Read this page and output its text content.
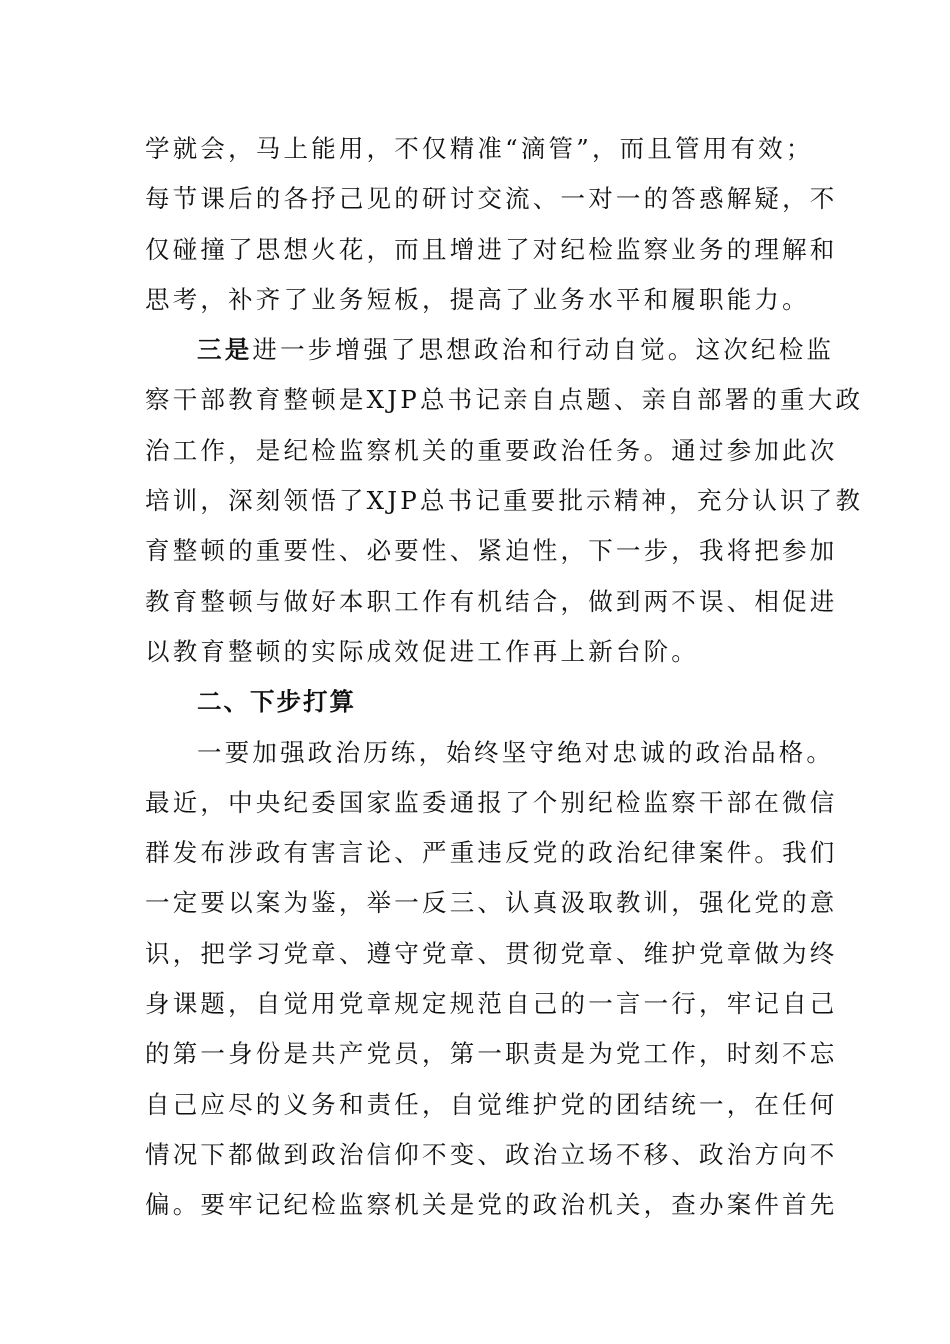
学就会，马上能用，不仅精准“滴管”，而且管用有效；
每节课后的各抒己见的研讨交流、一对一的答惑解疑，不
仅碰撞了思想火花，而且增进了对纪检监察业务的理解和
思考，补齐了业务短板，提高了业务水平和履职能力。
三是进一步增强了思想政治和行动自觉。这次纪检监
察干部教育整顿是XJP总书记亲自点题、亲自部署的重大政
治工作，是纪检监察机关的重要政治任务。通过参加此次
培训，深刻领悟了XJP总书记重要批示精神，充分认识了教
育整顿的重要性、必要性、紧迫性，下一步，我将把参加
教育整顿与做好本职工作有机结合，做到两不误、相促进
以教育整顿的实际成效促进工作再上新台阶。
二、下步打算
一要加强政治历练，始终坚守绝对忠诚的政治品格。
最近，中央纪委国家监委通报了个别纪检监察干部在微信
群发布涉政有害言论、严重违反党的政治纪律案件。我们
一定要以案为鉴，举一反三、认真汲取教训，强化党的意
识，把学习党章、遵守党章、贯彻党章、维护党章做为终
身课题，自觉用党章规定规范自己的一言一行，牢记自己
的第一身份是共产党员，第一职责是为党工作，时刻不忘
自己应尽的义务和责任，自觉维护党的团结统一，在任何
情况下都做到政治信仰不变、政治立场不移、政治方向不
偏。要牢记纪检监察机关是党的政治机关，查办案件首先
